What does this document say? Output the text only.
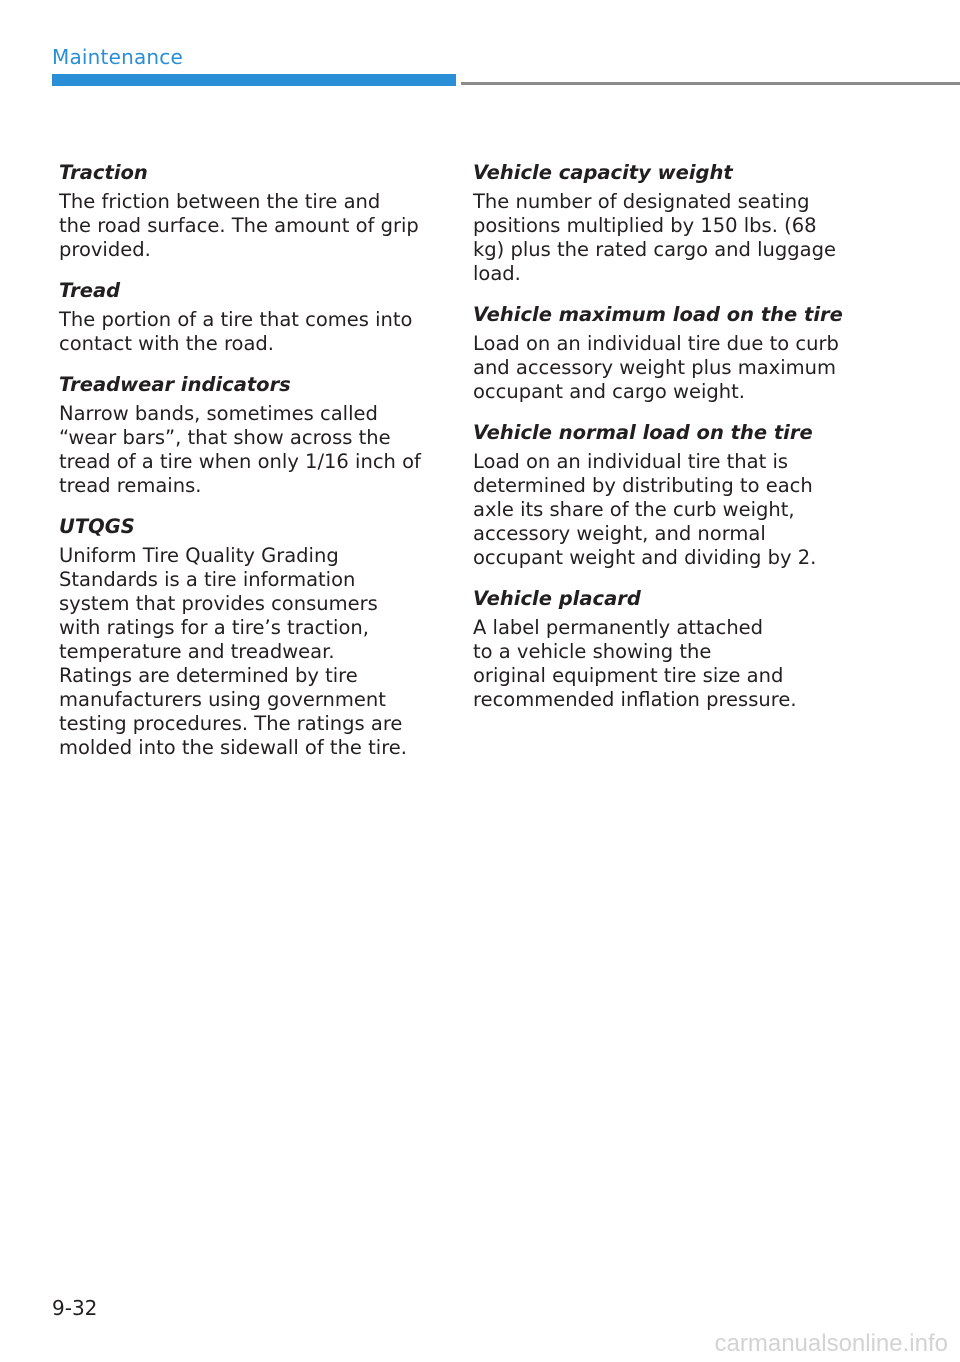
Maintenance
Traction
The friction between the tire and
the road surface. The amount of grip
provided.
Tread
The portion of a tire that comes into
contact with the road.
Treadwear indicators
Narrow bands, sometimes called
“wear bars”, that show across the
tread of a tire when only 1/16 inch of
tread remains.
UTQGS
Uniform Tire Quality Grading
Standards is a tire information
system that provides consumers
with ratings for a tire’s traction,
temperature and treadwear.
Ratings are determined by tire
manufacturers using government
testing procedures. The ratings are
molded into the sidewall of the tire.
Vehicle capacity weight
The number of designated seating
positions multiplied by 150 lbs. (68
kg) plus the rated cargo and luggage
load.
Vehicle maximum load on the tire
Load on an individual tire due to curb
and accessory weight plus maximum
occupant and cargo weight.
Vehicle normal load on the tire
Load on an individual tire that is
determined by distributing to each
axle its share of the curb weight,
accessory weight, and normal
occupant weight and dividing by 2.
Vehicle placard
A label permanently attached
to a vehicle showing the
original equipment tire size and
recommended inflation pressure.
9-32
carmanualsonline.info
